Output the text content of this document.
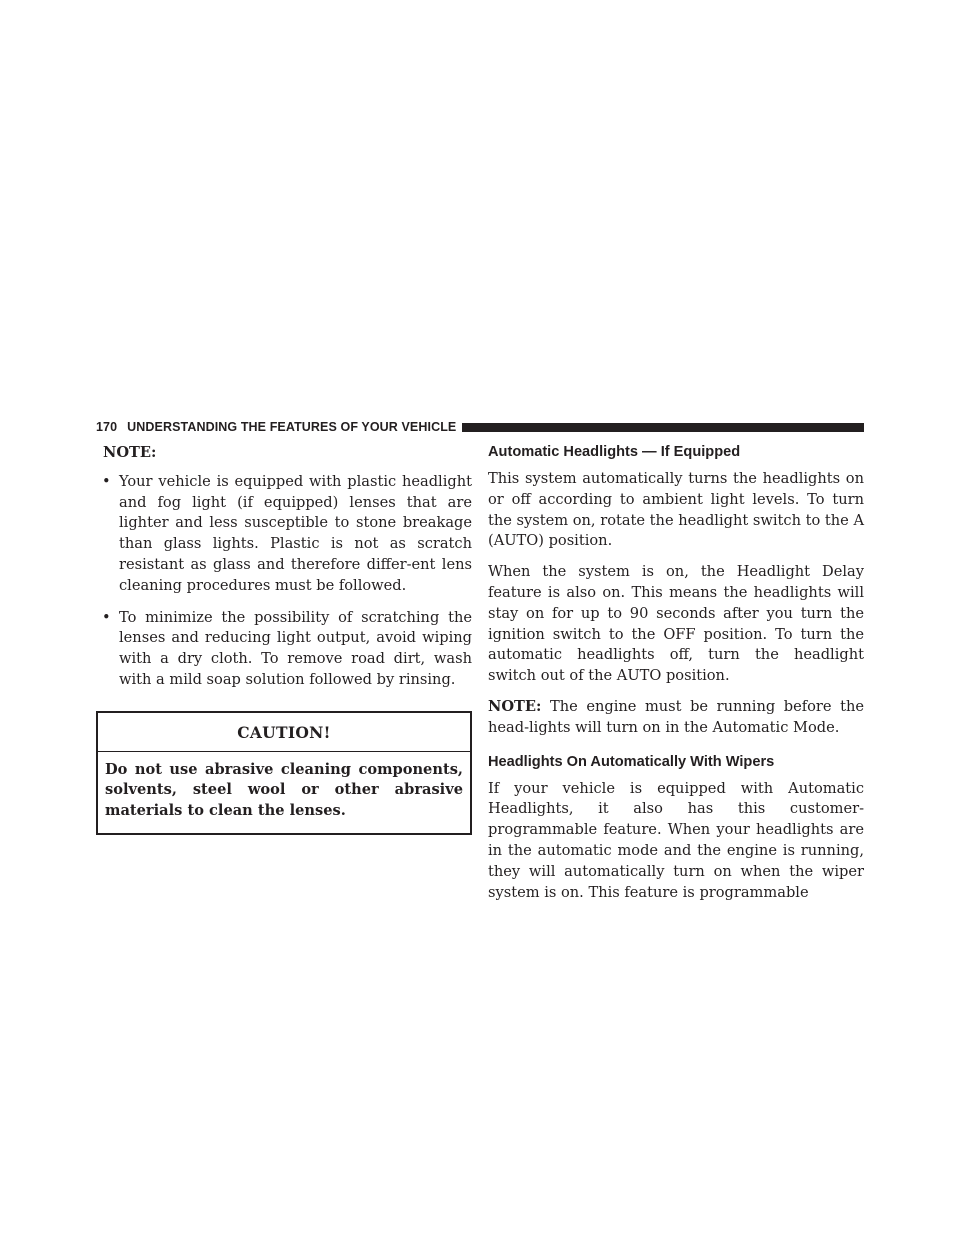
170 UNDERSTANDING THE FEATURES OF YOUR VEHICLE
NOTE:
• Your vehicle is equipped with plastic headlight and fog light (if equipped) lenses that are lighter and less susceptible to stone breakage than glass lights. Plastic is not as scratch resistant as glass and therefore differ-ent lens cleaning procedures must be followed.
• To minimize the possibility of scratching the lenses and reducing light output, avoid wiping with a dry cloth. To remove road dirt, wash with a mild soap solution followed by rinsing.
CAUTION!
Do not use abrasive cleaning components, solvents, steel wool or other abrasive materials to clean the lenses.
Automatic Headlights — If Equipped

This system automatically turns the headlights on or off according to ambient light levels. To turn the system on, rotate the headlight switch to the A (AUTO) position.

When the system is on, the Headlight Delay feature is also on. This means the headlights will stay on for up to 90 seconds after you turn the ignition switch to the OFF position. To turn the automatic headlights off, turn the headlight switch out of the AUTO position.

NOTE: The engine must be running before the head-lights will turn on in the Automatic Mode.

Headlights On Automatically With Wipers

If your vehicle is equipped with Automatic Headlights, it also has this customer-programmable feature. When your headlights are in the automatic mode and the engine is running, they will automatically turn on when the wiper system is on. This feature is programmable
